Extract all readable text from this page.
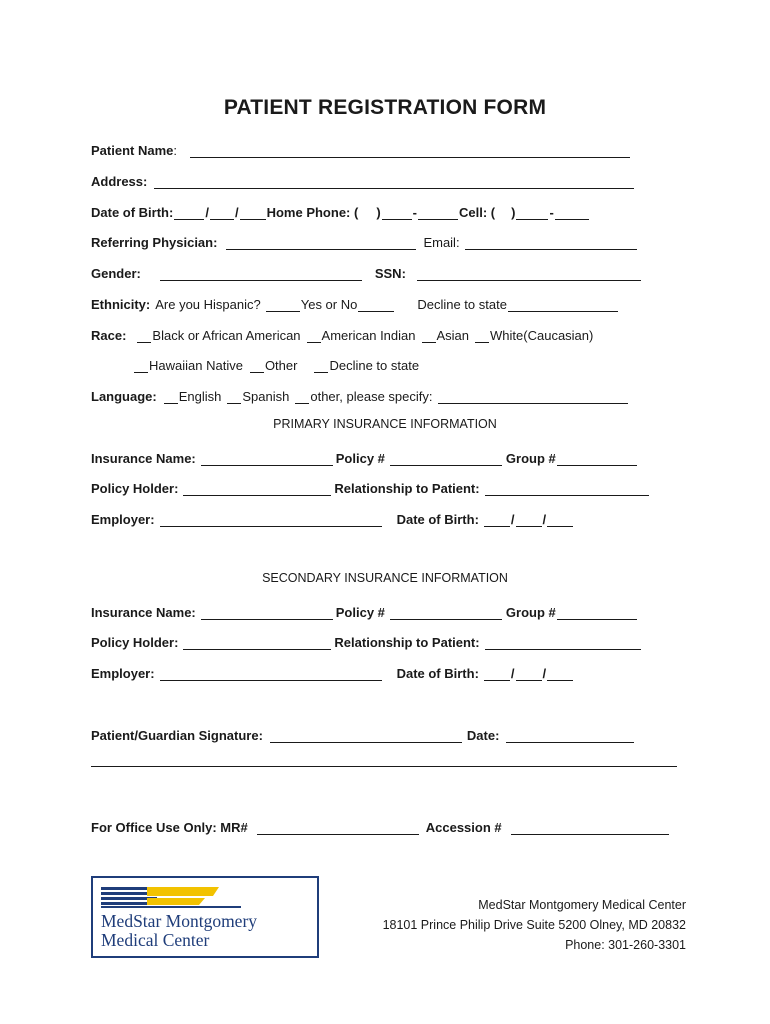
PATIENT REGISTRATION FORM
Patient Name :
Address:
Date of Birth: / / Home Phone: ( ) -	Cell: ( )	-
Referring Physician:	Email:
Gender:	SSN:
Ethnicity: Are you Hispanic?	Yes or No	Decline to state
Race: Black or African American American Indian Asian White(Caucasian)
Hawaiian Native Other Decline to state
Language: English Spanish other, please specify:
PRIMARY INSURANCE INFORMATION
Insurance Name:	Policy #	Group #
Policy Holder:	Relationship to Patient:
Employer:	Date of Birth: / /
SECONDARY INSURANCE INFORMATION
Insurance Name:	Policy #	Group #
Policy Holder:	Relationship to Patient:
Employer:	Date of Birth: / /
Patient/Guardian Signature:	Date:
For Office Use Only: MR#	Accession #
MedStar Montgomery
Medical Center
MedStar Montgomery Medical Center
18101 Prince Philip Drive Suite 5200 Olney, MD 20832
Phone: 301-260-3301
